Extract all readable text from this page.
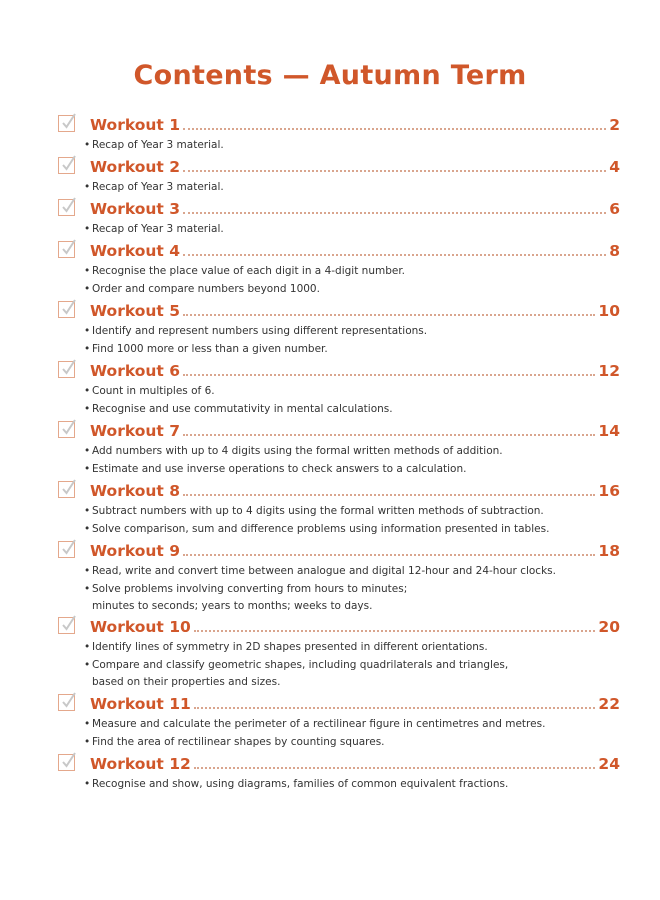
Contents — Autumn Term
Workout 1	2
• Recap of Year 3 material.
Workout 2	4
• Recap of Year 3 material.
Workout 3	6
• Recap of Year 3 material.
Workout 4	8
• Recognise the place value of each digit in a 4-digit number.
• Order and compare numbers beyond 1000.
Workout 5	10
• Identify and represent numbers using different representations.
• Find 1000 more or less than a given number.
Workout 6	12
• Count in multiples of 6.
• Recognise and use commutativity in mental calculations.
Workout 7	14
• Add numbers with up to 4 digits using the formal written methods of addition.
• Estimate and use inverse operations to check answers to a calculation.
Workout 8	16
• Subtract numbers with up to 4 digits using the formal written methods of subtraction.
• Solve comparison, sum and difference problems using information presented in tables.
Workout 9	18
• Read, write and convert time between analogue and digital 12-hour and 24-hour clocks.
• Solve problems involving converting from hours to minutes;
minutes to seconds; years to months; weeks to days.
Workout 10	20
• Identify lines of symmetry in 2D shapes presented in different orientations.
• Compare and classify geometric shapes, including quadrilaterals and triangles,
based on their properties and sizes.
Workout 11	22
• Measure and calculate the perimeter of a rectilinear figure in centimetres and metres.
• Find the area of rectilinear shapes by counting squares.
Workout 12	24
• Recognise and show, using diagrams, families of common equivalent fractions.
